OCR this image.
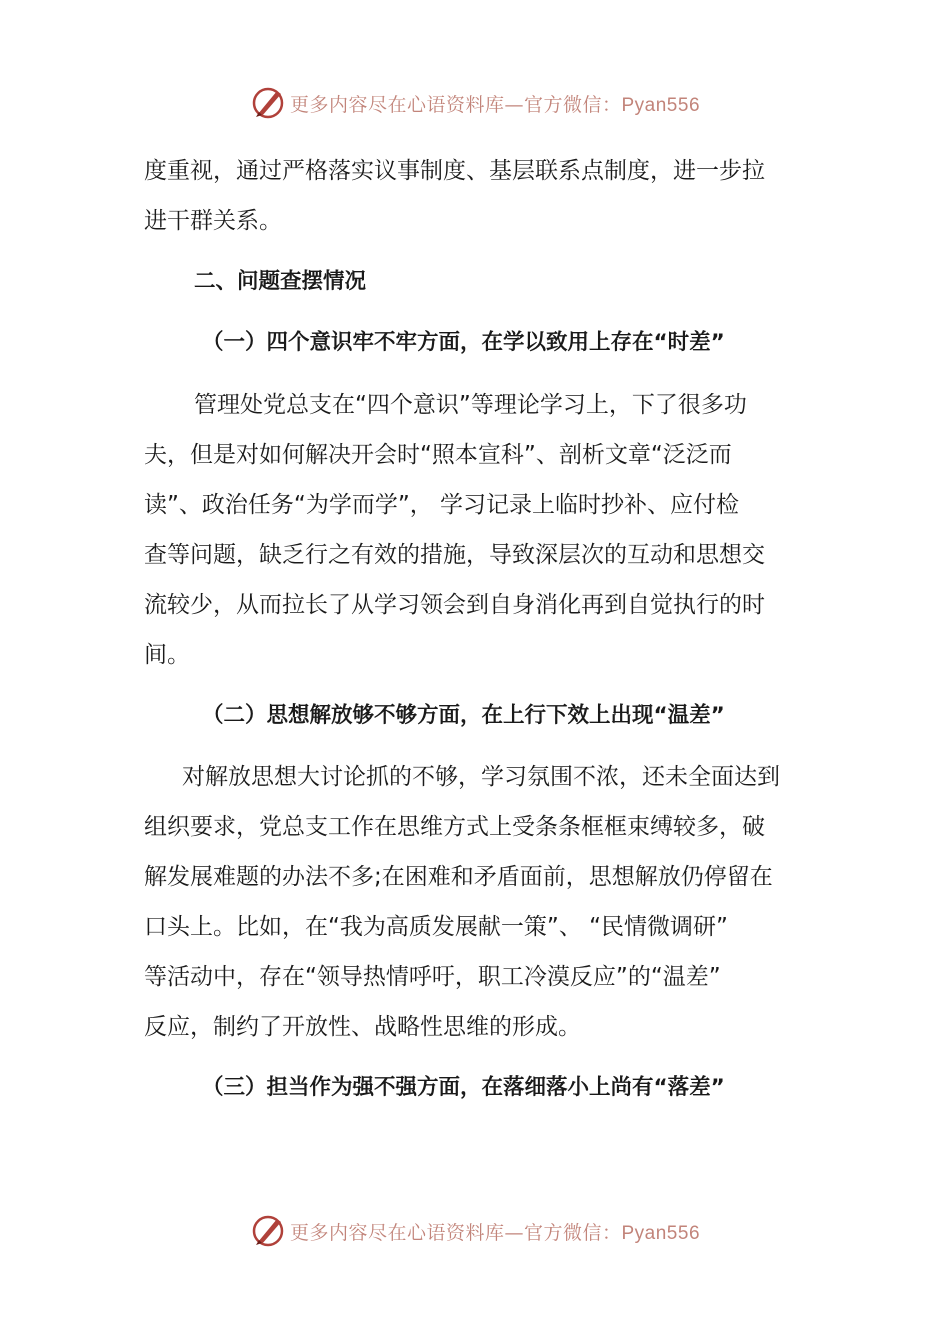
更多内容尽在心语资料库—官方微信：Pyan556
度重视，通过严格落实议事制度、基层联系点制度，进一步拉
进干群关系。
二、问题查摆情况
（一）四个意识牢不牢方面，在学以致用上存在“时差”
管理处党总支在“四个意识”等理论学习上，下了很多功
夫，但是对如何解决开会时“照本宣科”、剖析文章“泛泛而
读”、政治任务“为学而学”， 学习记录上临时抄补、应付检
查等问题，缺乏行之有效的措施，导致深层次的互动和思想交
流较少，从而拉长了从学习领会到自身消化再到自觉执行的时
间。
（二）思想解放够不够方面，在上行下效上出现“温差”
对解放思想大讨论抓的不够，学习氛围不浓，还未全面达到
组织要求，党总支工作在思维方式上受条条框框束缚较多，破
解发展难题的办法不多;在困难和矛盾面前，思想解放仍停留在
口头上。比如，在“我为高质发展献一策”、 “民情微调研”
等活动中，存在“领导热情呼吁，职工冷漠反应”的“温差”
反应，制约了开放性、战略性思维的形成。
（三）担当作为强不强方面，在落细落小上尚有“落差”
更多内容尽在心语资料库—官方微信：Pyan556
